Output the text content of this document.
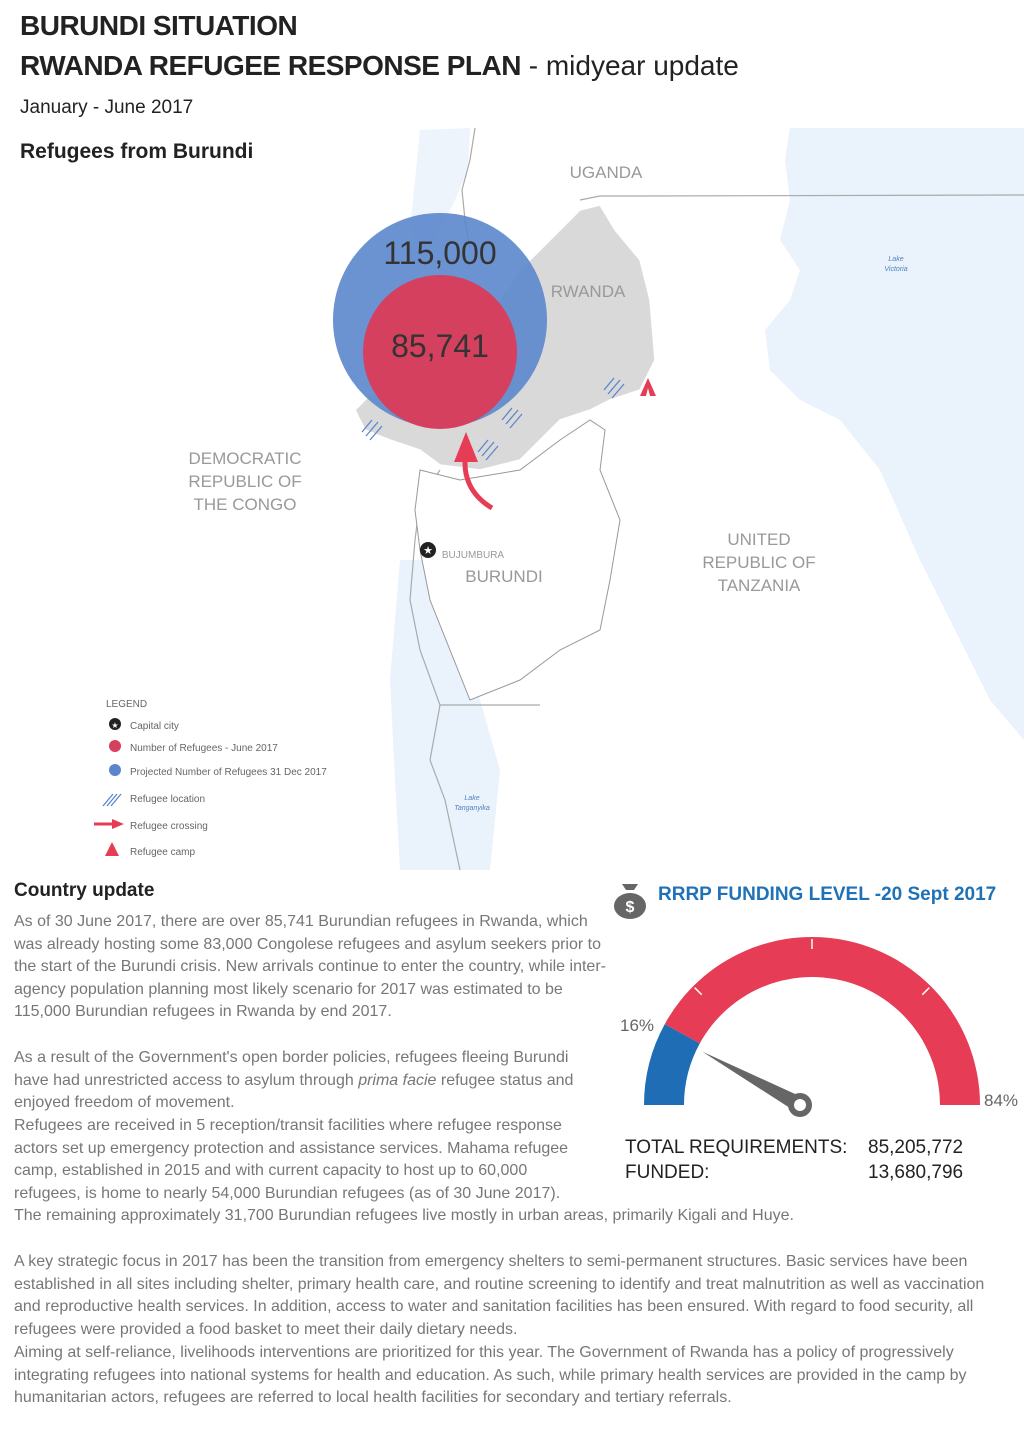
BURUNDI SITUATION
RWANDA REFUGEE RESPONSE PLAN - midyear update
January - June 2017
115,000
85,741
★
UGANDA
RWANDA
DEMOCRATIC
REPUBLIC OF
THE CONGO
BURUNDI
BUJUMBURA
UNITED
REPUBLIC OF
TANZANIA
Lake
Victoria
Lake
Tanganyika
LEGEND
★ Capital city
Number of Refugees - June 2017
Projected Number of Refugees 31 Dec 2017
Refugee location
Refugee crossing
Refugee camp
Refugees from Burundi
Country update
As of 30 June 2017, there are over 85,741 Burundian refugees in Rwanda, which was already hosting some 83,000 Congolese refugees and asylum seekers prior to the start of the Burundi crisis. New arrivals continue to enter the country, while inter-agency population planning most likely scenario for 2017 was estimated to be 115,000 Burundian refugees in Rwanda by end 2017.
As a result of the Government's open border policies, refugees fleeing Burundi have had unrestricted access to asylum through prima facie refugee status and enjoyed freedom of movement.
Refugees are received in 5 reception/transit facilities where refugee response actors set up emergency protection and assistance services. Mahama refugee camp, established in 2015 and with current capacity to host up to 60,000 refugees, is home to nearly 54,000 Burundian refugees (as of 30 June 2017). The remaining approximately 31,700 Burundian refugees live mostly in urban areas, primarily Kigali and Huye.
A key strategic focus in 2017 has been the transition from emergency shelters to semi-permanent structures. Basic services have been established in all sites including shelter, primary health care, and routine screening to identify and treat malnutrition as well as vaccination and reproductive health services. In addition, access to water and sanitation facilities has been ensured. With regard to food security, all refugees were provided a food basket to meet their daily dietary needs.
Aiming at self-reliance, livelihoods interventions are prioritized for this year. The Government of Rwanda has a policy of progressively integrating refugees into national systems for health and education. As such, while primary health services are provided in the camp by humanitarian actors, refugees are referred to local health facilities for secondary and tertiary referrals.
$
RRRP FUNDING LEVEL -20 Sept 2017
16%
84%
TOTAL REQUIREMENTS: 85,205,772
FUNDED:	13,680,796
